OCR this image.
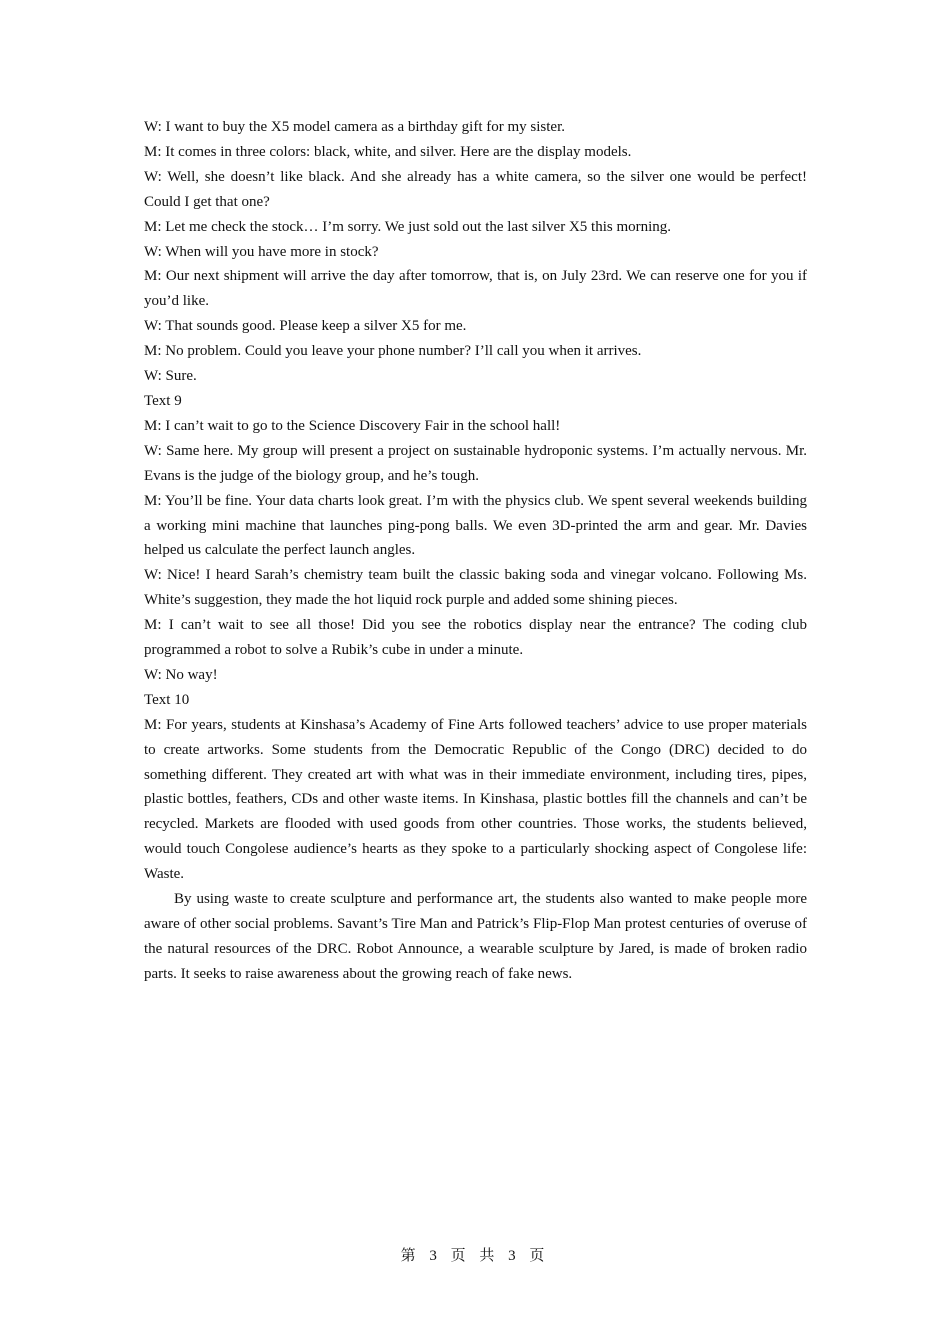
W: I want to buy the X5 model camera as a birthday gift for my sister.

M: It comes in three colors: black, white, and silver. Here are the display models.

W: Well, she doesn’t like black. And she already has a white camera, so the silver one would be perfect! Could I get that one?

M: Let me check the stock… I’m sorry. We just sold out the last silver X5 this morning.

W: When will you have more in stock?

M: Our next shipment will arrive the day after tomorrow, that is, on July 23rd. We can reserve one for you if you’d like.

W: That sounds good. Please keep a silver X5 for me.

M: No problem. Could you leave your phone number? I’ll call you when it arrives.

W: Sure.

Text 9

M: I can’t wait to go to the Science Discovery Fair in the school hall!

W: Same here. My group will present a project on sustainable hydroponic systems. I’m actually nervous. Mr. Evans is the judge of the biology group, and he’s tough.

M: You’ll be fine. Your data charts look great. I’m with the physics club. We spent several weekends building a working mini machine that launches ping-pong balls. We even 3D-printed the arm and gear. Mr. Davies helped us calculate the perfect launch angles.

W: Nice! I heard Sarah’s chemistry team built the classic baking soda and vinegar volcano. Following Ms. White’s suggestion, they made the hot liquid rock purple and added some shining pieces.

M: I can’t wait to see all those! Did you see the robotics display near the entrance? The coding club programmed a robot to solve a Rubik’s cube in under a minute.

W: No way!

Text 10

M: For years, students at Kinshasa’s Academy of Fine Arts followed teachers’ advice to use proper materials to create artworks. Some students from the Democratic Republic of the Congo (DRC) decided to do something different. They created art with what was in their immediate environment, including tires, pipes, plastic bottles, feathers, CDs and other waste items. In Kinshasa, plastic bottles fill the channels and can’t be recycled. Markets are flooded with used goods from other countries. Those works, the students believed, would touch Congolese audience’s hearts as they spoke to a particularly shocking aspect of Congolese life: Waste.

By using waste to create sculpture and performance art, the students also wanted to make people more aware of other social problems. Savant’s Tire Man and Patrick’s Flip-Flop Man protest centuries of overuse of the natural resources of the DRC. Robot Announce, a wearable sculpture by Jared, is made of broken radio parts. It seeks to raise awareness about the growing reach of fake news.

第 3 页 共 3 页
